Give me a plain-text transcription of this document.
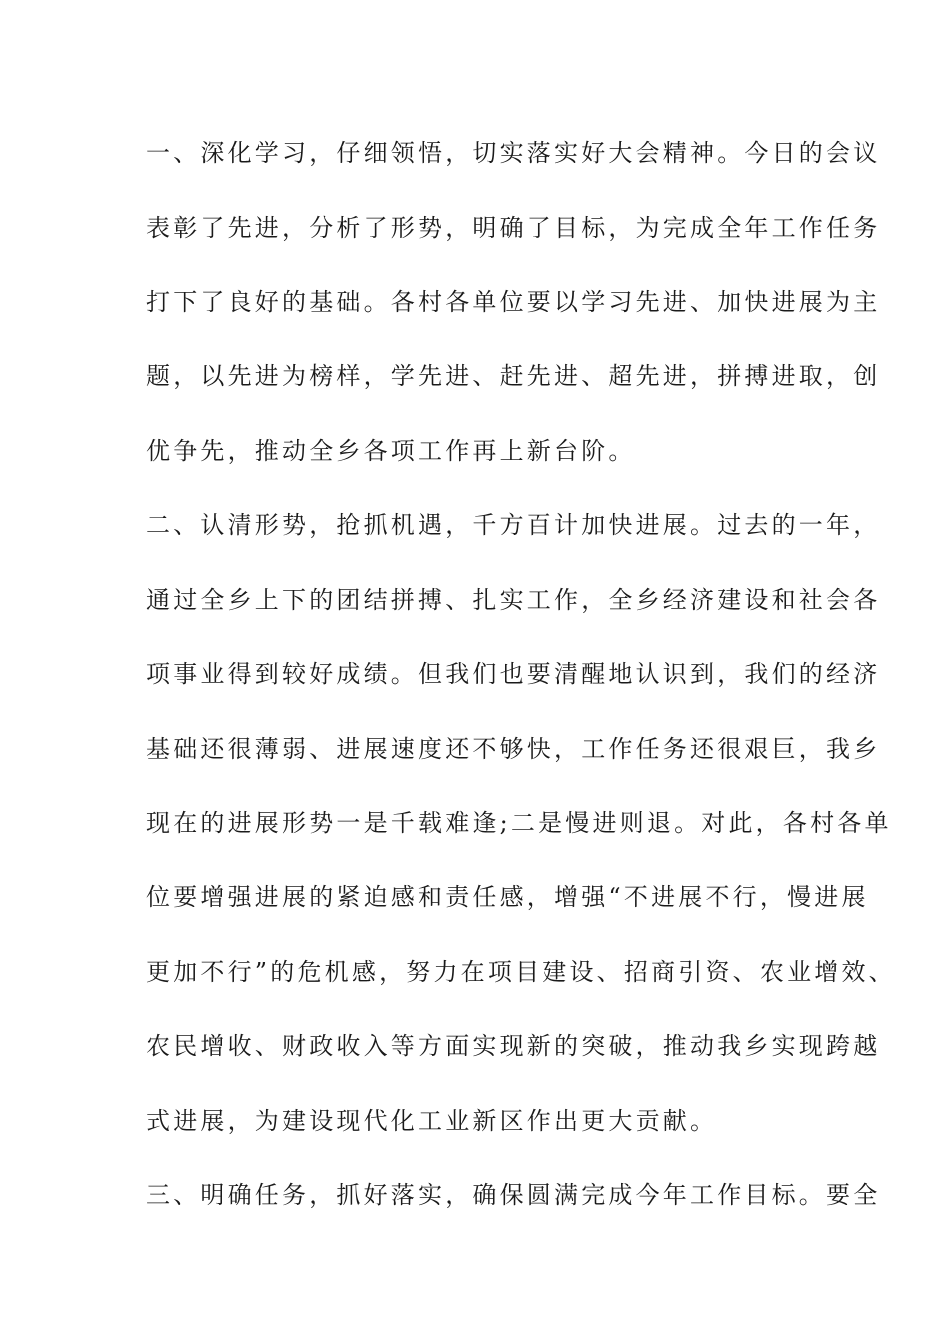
一、深化学习，仔细领悟，切实落实好大会精神。今日的会议
表彰了先进，分析了形势，明确了目标，为完成全年工作任务
打下了良好的基础。各村各单位要以学习先进、加快进展为主
题，以先进为榜样，学先进、赶先进、超先进，拼搏进取，创
优争先，推动全乡各项工作再上新台阶。
二、认清形势，抢抓机遇，千方百计加快进展。过去的一年，
通过全乡上下的团结拼搏、扎实工作，全乡经济建设和社会各
项事业得到较好成绩。但我们也要清醒地认识到，我们的经济
基础还很薄弱、进展速度还不够快，工作任务还很艰巨，我乡
现在的进展形势一是千载难逢;二是慢进则退。对此，各村各单
位要增强进展的紧迫感和责任感，增强“不进展不行，慢进展
更加不行”的危机感，努力在项目建设、招商引资、农业增效、
农民增收、财政收入等方面实现新的突破，推动我乡实现跨越
式进展，为建设现代化工业新区作出更大贡献。
三、明确任务，抓好落实，确保圆满完成今年工作目标。要全
